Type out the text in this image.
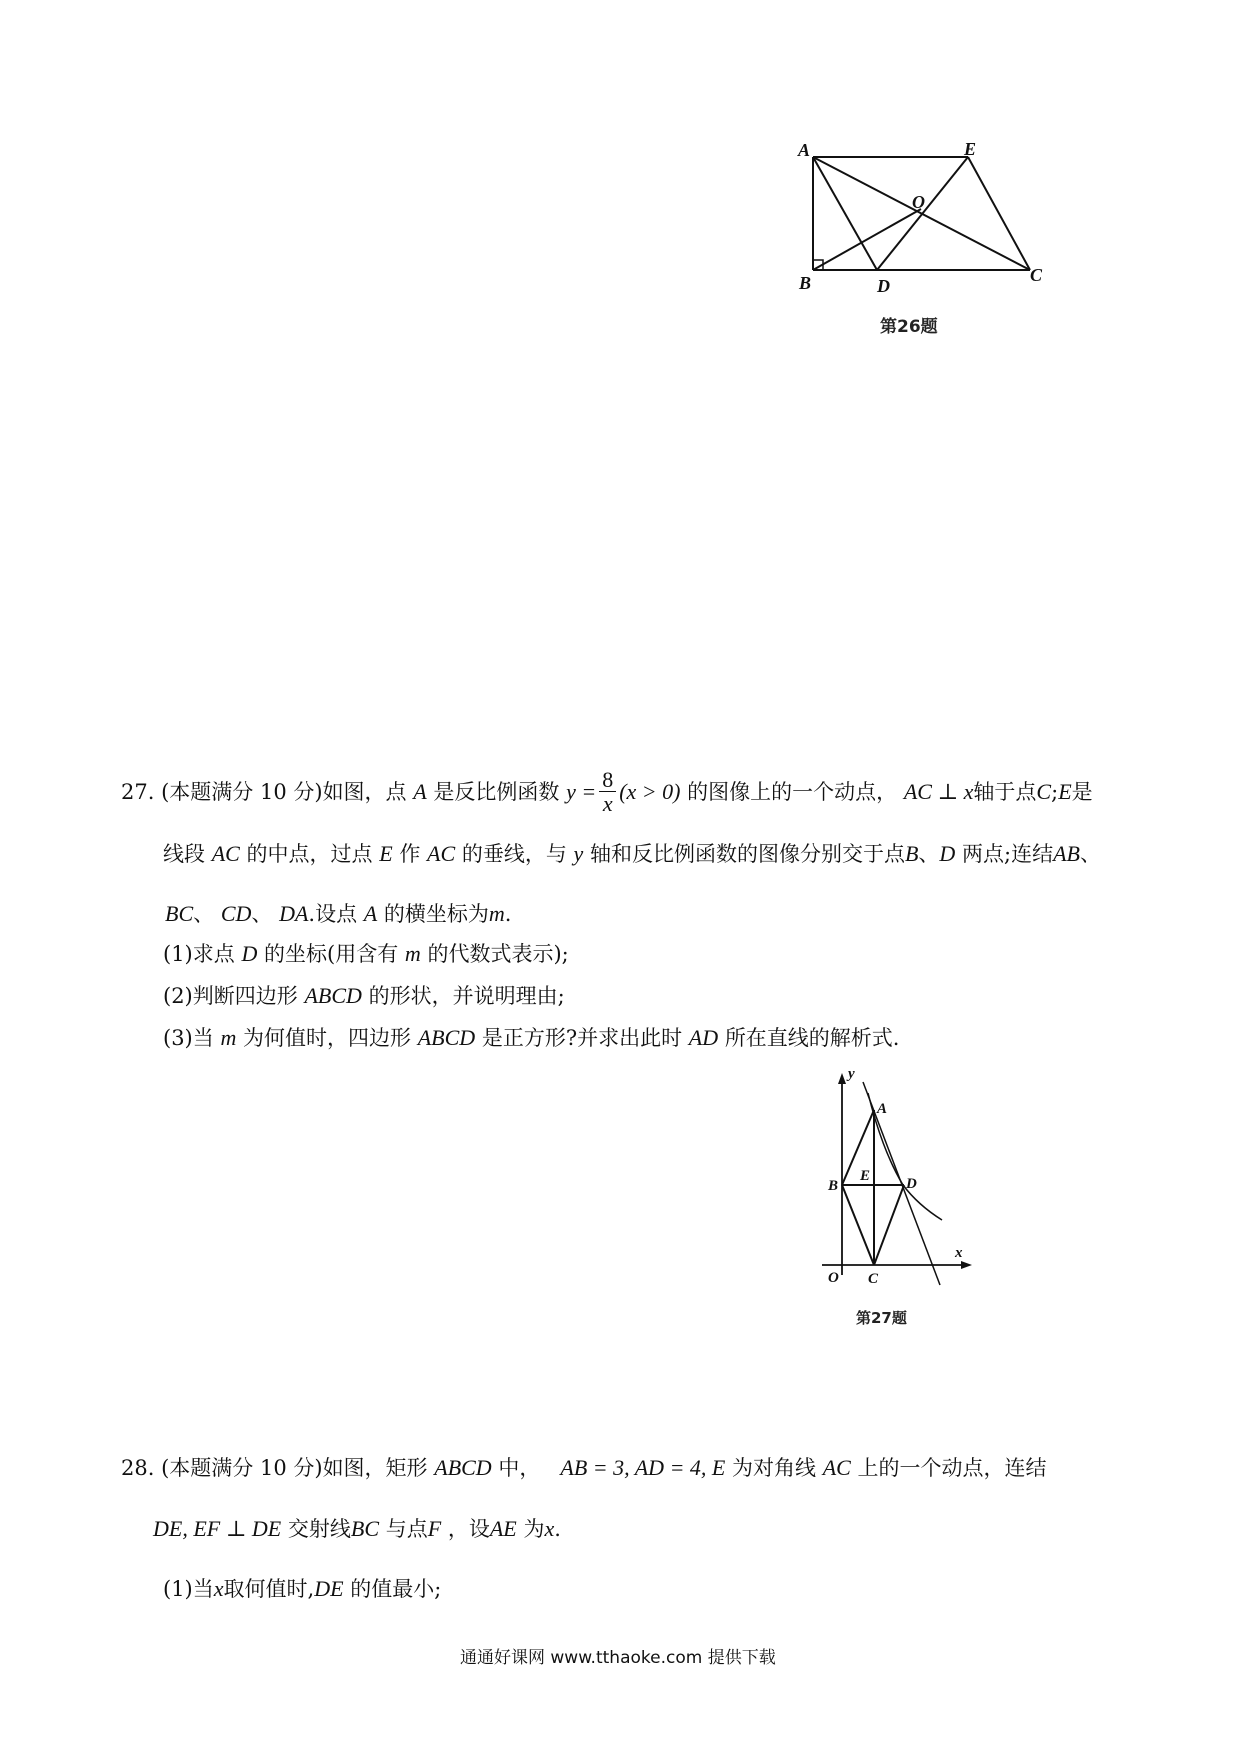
A	E
O
B	D
C
第26题
27. (本题满分 10 分)如图，点 A 是反比例函数 $y = \frac{8}{x} (x > 0)$ 的图像上的一个动点， AC ⊥ x轴于点C;E是
线段 AC 的中点，过点 E 作 AC 的垂线，与 y 轴和反比例函数的图像分别交于点B、D 两点;连结AB、
BC、 CD、 DA.设点 A 的横坐标为m.
(1)求点 D 的坐标(用含有 m 的代数式表示);
(2)判断四边形 ABCD 的形状，并说明理由;
(3)当 m 为何值时，四边形 ABCD 是正方形?并求出此时 AD 所在直线的解析式.
y
x
A
B
E D
O C
第27题
28. (本题满分 10 分)如图，矩形 ABCD 中， AB = 3, AD = 4, E 为对角线 AC 上的一个动点，连结
DE, EF ⊥ DE 交射线BC 与点F ，设AE 为x.
(1)当x取何值时,DE 的值最小;
通通好课网 www.tthaoke.com 提供下载
